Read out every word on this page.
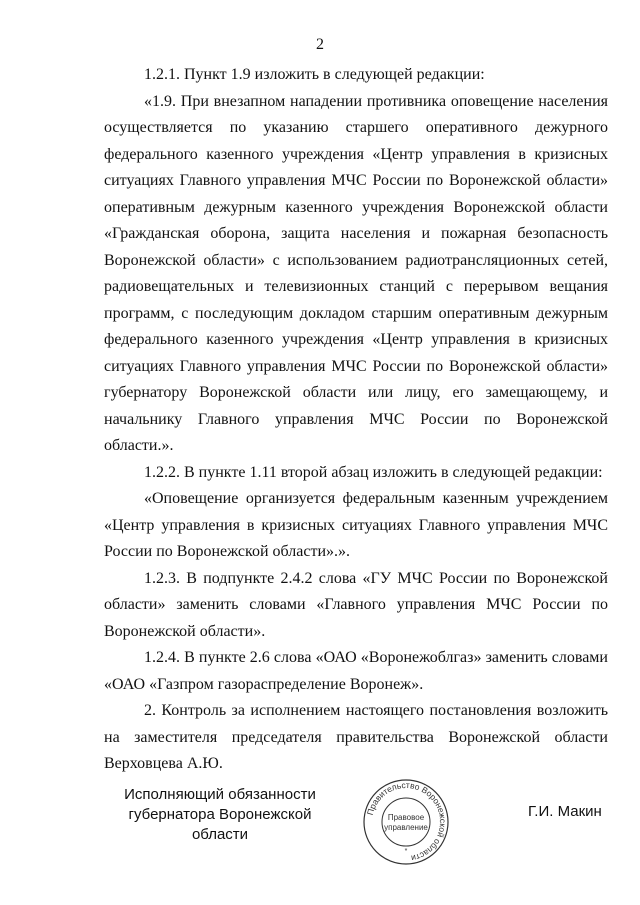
2

1.2.1. Пункт 1.9 изложить в следующей редакции:

«1.9. При внезапном нападении противника оповещение населения осуществляется по указанию старшего оперативного дежурного федерального казенного учреждения «Центр управления в кризисных ситуациях Главного управления МЧС России по Воронежской области» оперативным дежурным казенного учреждения Воронежской области «Гражданская оборона, защита населения и пожарная безопасность Воронежской области» с использованием радиотрансляционных сетей, радиовещательных и телевизионных станций с перерывом вещания программ, с последующим докладом старшим оперативным дежурным федерального казенного учреждения «Центр управления в кризисных ситуациях Главного управления МЧС России по Воронежской области» губернатору Воронежской области или лицу, его замещающему, и начальнику Главного управления МЧС России по Воронежской области.».

1.2.2. В пункте 1.11 второй абзац изложить в следующей редакции:

«Оповещение организуется федеральным казенным учреждением «Центр управления в кризисных ситуациях Главного управления МЧС России по Воронежской области».».

1.2.3. В подпункте 2.4.2 слова «ГУ МЧС России по Воронежской области» заменить словами «Главного управления МЧС России по Воронежской области».

1.2.4. В пункте 2.6 слова «ОАО «Воронежоблгаз» заменить словами «ОАО «Газпром газораспределение Воронеж».

2. Контроль за исполнением настоящего постановления возложить на заместителя председателя правительства Воронежской области Верховцева А.Ю.

Исполняющий обязанности
губернатора Воронежской области
Правительство Воронежской области
Правовое
управление
*
Г.И. Макин
